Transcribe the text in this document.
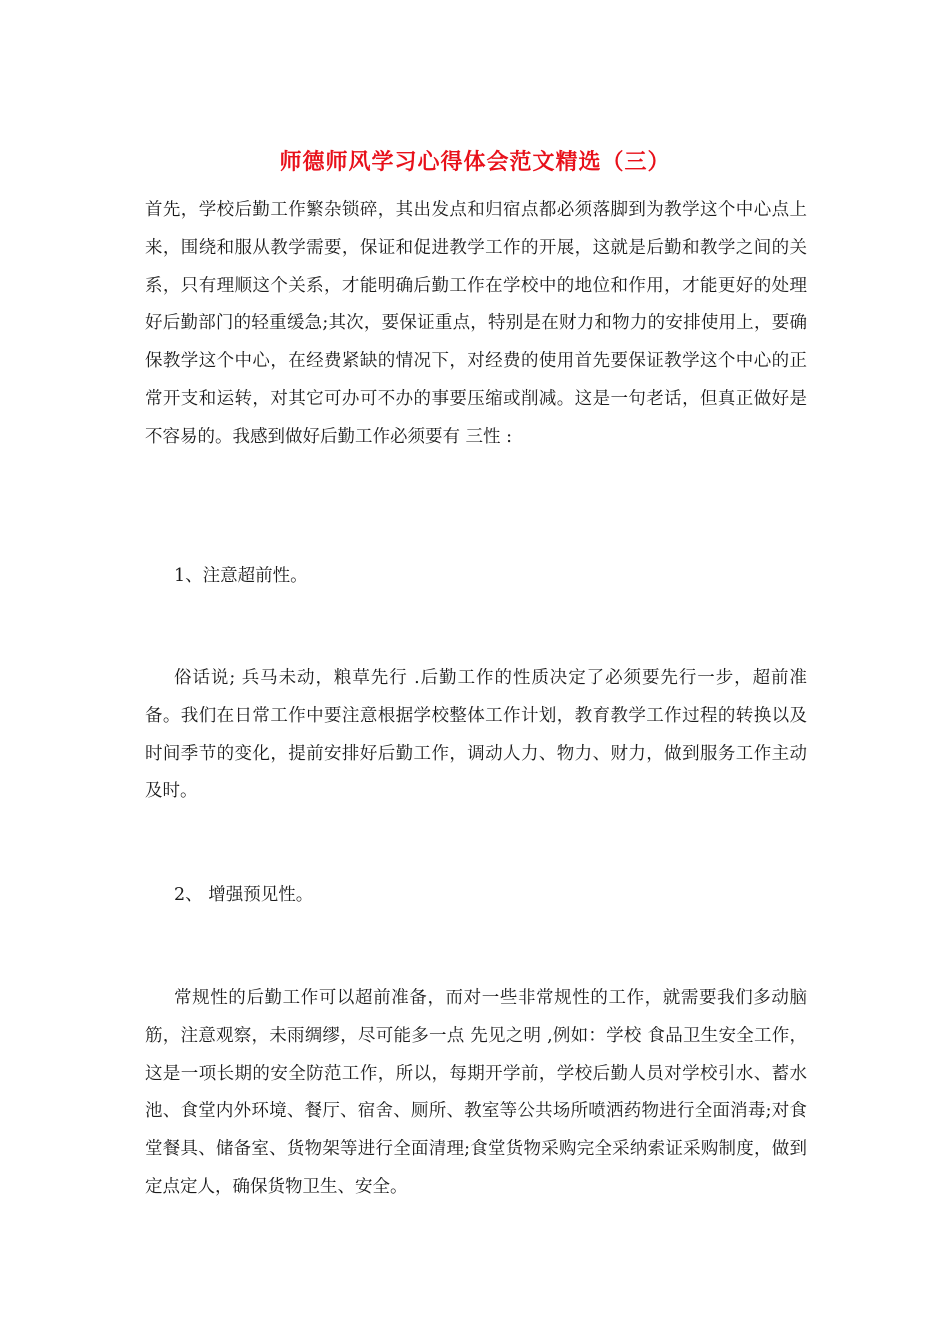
师德师风学习心得体会范文精选（三）

首先，学校后勤工作繁杂锁碎，其出发点和归宿点都必须落脚到为教学这个中心点上来，围绕和服从教学需要，保证和促进教学工作的开展，这就是后勤和教学之间的关系，只有理顺这个关系，才能明确后勤工作在学校中的地位和作用，才能更好的处理好后勤部门的轻重缓急;其次，要保证重点，特别是在财力和物力的安排使用上，要确保教学这个中心，在经费紧缺的情况下，对经费的使用首先要保证教学这个中心的正常开支和运转，对其它可办可不办的事要压缩或削减。这是一句老话，但真正做好是不容易的。我感到做好后勤工作必须要有 三性 :

1、注意超前性。

俗话说; 兵马未动，粮草先行 .后勤工作的性质决定了必须要先行一步，超前准备。我们在日常工作中要注意根据学校整体工作计划，教育教学工作过程的转换以及时间季节的变化，提前安排好后勤工作，调动人力、物力、财力，做到服务工作主动及时。

2、 增强预见性。

常规性的后勤工作可以超前准备，而对一些非常规性的工作，就需要我们多动脑筋，注意观察，未雨绸缪，尽可能多一点 先见之明 ,例如：学校 食品卫生安全工作，这是一项长期的安全防范工作，所以，每期开学前，学校后勤人员对学校引水、蓄水池、食堂内外环境、餐厅、宿舍、厕所、教室等公共场所喷洒药物进行全面消毒;对食堂餐具、储备室、货物架等进行全面清理;食堂货物采购完全采纳索证采购制度，做到定点定人，确保货物卫生、安全。
